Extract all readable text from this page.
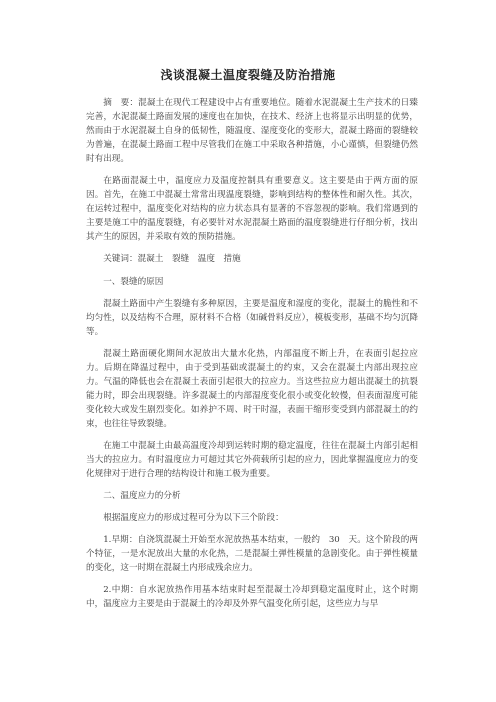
浅谈混凝土温度裂缝及防治措施

摘　要：混凝土在现代工程建设中占有重要地位。随着水泥混凝土生产技术的日臻完善，水泥混凝土路面发展的速度也在加快，在技术、经济上也将显示出明显的优势，然而由于水泥混凝土自身的低韧性，随温度、湿度变化的变形大，混凝土路面的裂缝较为普遍，在混凝土路面工程中尽管我们在施工中采取各种措施，小心谨慎，但裂缝仍然时有出现。

在路面混凝土中，温度应力及温度控制具有重要意义。这主要是由于两方面的原因。首先，在施工中混凝土常常出现温度裂缝，影响到结构的整体性和耐久性。其次，在运转过程中，温度变化对结构的应力状态具有显著的不容忽视的影响。我们常遇到的主要是施工中的温度裂缝，有必要针对水泥混凝土路面的温度裂缝进行仔细分析，找出其产生的原因，并采取有效的预防措施。

关键词：混凝土　裂缝　温度　措施

一、裂缝的原因

混凝土路面中产生裂缝有多种原因，主要是温度和湿度的变化，混凝土的脆性和不均匀性，以及结构不合理，原材料不合格（如碱骨料反应），模板变形，基础不均匀沉降等。

混凝土路面硬化期间水泥放出大量水化热，内部温度不断上升，在表面引起拉应力。后期在降温过程中，由于受到基础或混凝土的约束，又会在混凝土内部出现拉应力。气温的降低也会在混凝土表面引起很大的拉应力。当这些拉应力超出混凝土的抗裂能力时，即会出现裂缝。许多混凝土的内部湿度变化很小或变化较慢，但表面湿度可能变化较大或发生剧烈变化。如养护不周、时干时湿，表面干缩形变受到内部混凝土的约束，也往往导致裂缝。

在施工中混凝土由最高温度冷却到运转时期的稳定温度，往往在混凝土内部引起相当大的拉应力。有时温度应力可超过其它外荷载所引起的应力，因此掌握温度应力的变化规律对于进行合理的结构设计和施工极为重要。

二、温度应力的分析

根据温度应力的形成过程可分为以下三个阶段：

1.早期：自浇筑混凝土开始至水泥放热基本结束，一般约　30　天。这个阶段的两个特征，一是水泥放出大量的水化热，二是混凝土弹性模量的急剧变化。由于弹性模量的变化，这一时期在混凝土内形成残余应力。

2.中期：自水泥放热作用基本结束时起至混凝土冷却到稳定温度时止，这个时期中，温度应力主要是由于混凝土的冷却及外界气温变化所引起，这些应力与早
